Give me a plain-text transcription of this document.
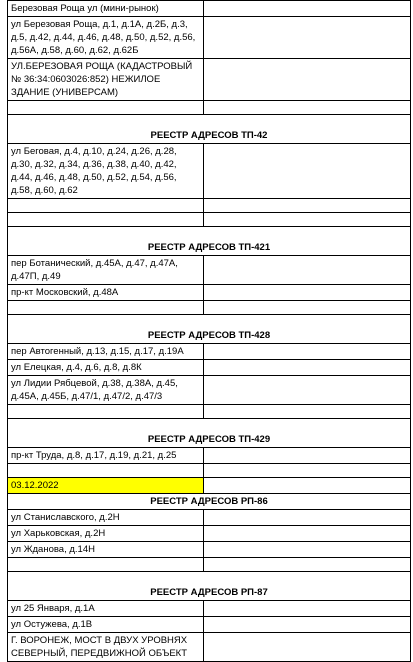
Березовая Роща ул (мини-рынок)	
ул Березовая Роща, д.1, д.1А, д.2Б, д.3, д.5, д.42, д.44, д.46, д.48, д.50, д.52, д.56, д.56А, д.58, д.60, д.62, д.62Б	
УЛ.БЕРЕЗОВАЯ РОЩА (КАДАСТРОВЫЙ № 36:34:0603026:852) НЕЖИЛОЕ ЗДАНИЕ (УНИВЕРСАМ)	

РЕЕСТР АДРЕСОВ ТП-42	

ул Беговая, д.4, д.10, д.24, д.26, д.28, д.30, д.32, д.34, д.36, д.38, д.40, д.42, д.44, д.46, д.48, д.50, д.52, д.54, д.56, д.58, д.60, д.62	

РЕЕСТР АДРЕСОВ ТП-421	

пер Ботанический, д.45А, д.47, д.47А, д.47П, д.49	
пр-кт Московский, д.48А	

РЕЕСТР АДРЕСОВ ТП-428	

пер Автогенный, д.13, д.15, д.17, д.19А	
ул Елецкая, д.4, д.6, д.8, д.8К	
ул Лидии Рябцевой, д.38, д.38А, д.45, д.45А, д.45Б, д.47/1, д.47/2, д.47/3	

РЕЕСТР АДРЕСОВ ТП-429	

пр-кт Труда, д.8, д.17, д.19, д.21, д.25	

03.12.2022	
РЕЕСТР АДРЕСОВ РП-86	
ул Станиславского, д.2Н	
ул Харьковская, д.2Н	
ул Жданова, д.14Н	

РЕЕСТР АДРЕСОВ РП-87	

ул 25 Января, д.1А	
ул Остужева, д.1В	
Г. ВОРОНЕЖ, МОСТ В ДВУХ УРОВНЯХ СЕВЕРНЫЙ, ПЕРЕДВИЖНОЙ ОБЪЕКТ	
